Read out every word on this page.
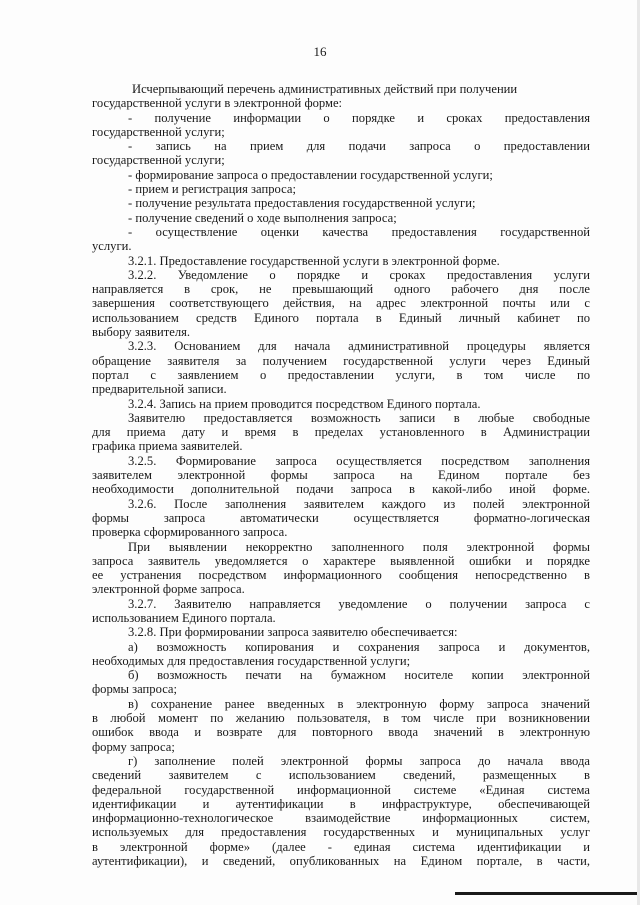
16
Исчерпывающий перечень административных действий при получении
государственной услуги в электронной форме:
- получение информации о порядке и сроках предоставления
государственной услуги;
- запись на прием для подачи запроса о предоставлении
государственной услуги;
- формирование запроса о предоставлении государственной услуги;
- прием и регистрация запроса;
- получение результата предоставления государственной услуги;
- получение сведений о ходе выполнения запроса;
- осуществление оценки качества предоставления государственной
услуги.
3.2.1. Предоставление государственной услуги в электронной форме.
3.2.2. Уведомление о порядке и сроках предоставления услуги
направляется в срок, не превышающий одного рабочего дня после
завершения соответствующего действия, на адрес электронной почты или с
использованием средств Единого портала в Единый личный кабинет по
выбору заявителя.
3.2.3. Основанием для начала административной процедуры является
обращение заявителя за получением государственной услуги через Единый
портал с заявлением о предоставлении услуги, в том числе по
предварительной записи.
3.2.4. Запись на прием проводится посредством Единого портала.
Заявителю предоставляется возможность записи в любые свободные
для приема дату и время в пределах установленного в Администрации
графика приема заявителей.
3.2.5. Формирование запроса осуществляется посредством заполнения
заявителем электронной формы запроса на Едином портале без
необходимости дополнительной подачи запроса в какой-либо иной форме.
3.2.6. После заполнения заявителем каждого из полей электронной
формы запроса автоматически осуществляется форматно-логическая
проверка сформированного запроса.
При выявлении некорректно заполненного поля электронной формы
запроса заявитель уведомляется о характере выявленной ошибки и порядке
ее устранения посредством информационного сообщения непосредственно в
электронной форме запроса.
3.2.7. Заявителю направляется уведомление о получении запроса с
использованием Единого портала.
3.2.8. При формировании запроса заявителю обеспечивается:
а) возможность копирования и сохранения запроса и документов,
необходимых для предоставления государственной услуги;
б) возможность печати на бумажном носителе копии электронной
формы запроса;
в) сохранение ранее введенных в электронную форму запроса значений
в любой момент по желанию пользователя, в том числе при возникновении
ошибок ввода и возврате для повторного ввода значений в электронную
форму запроса;
г) заполнение полей электронной формы запроса до начала ввода
сведений заявителем с использованием сведений, размещенных в
федеральной государственной информационной системе «Единая система
идентификации и аутентификации в инфраструктуре, обеспечивающей
информационно-технологическое взаимодействие информационных систем,
используемых для предоставления государственных и муниципальных услуг
в электронной форме» (далее - единая система идентификации и
аутентификации), и сведений, опубликованных на Едином портале, в части,
